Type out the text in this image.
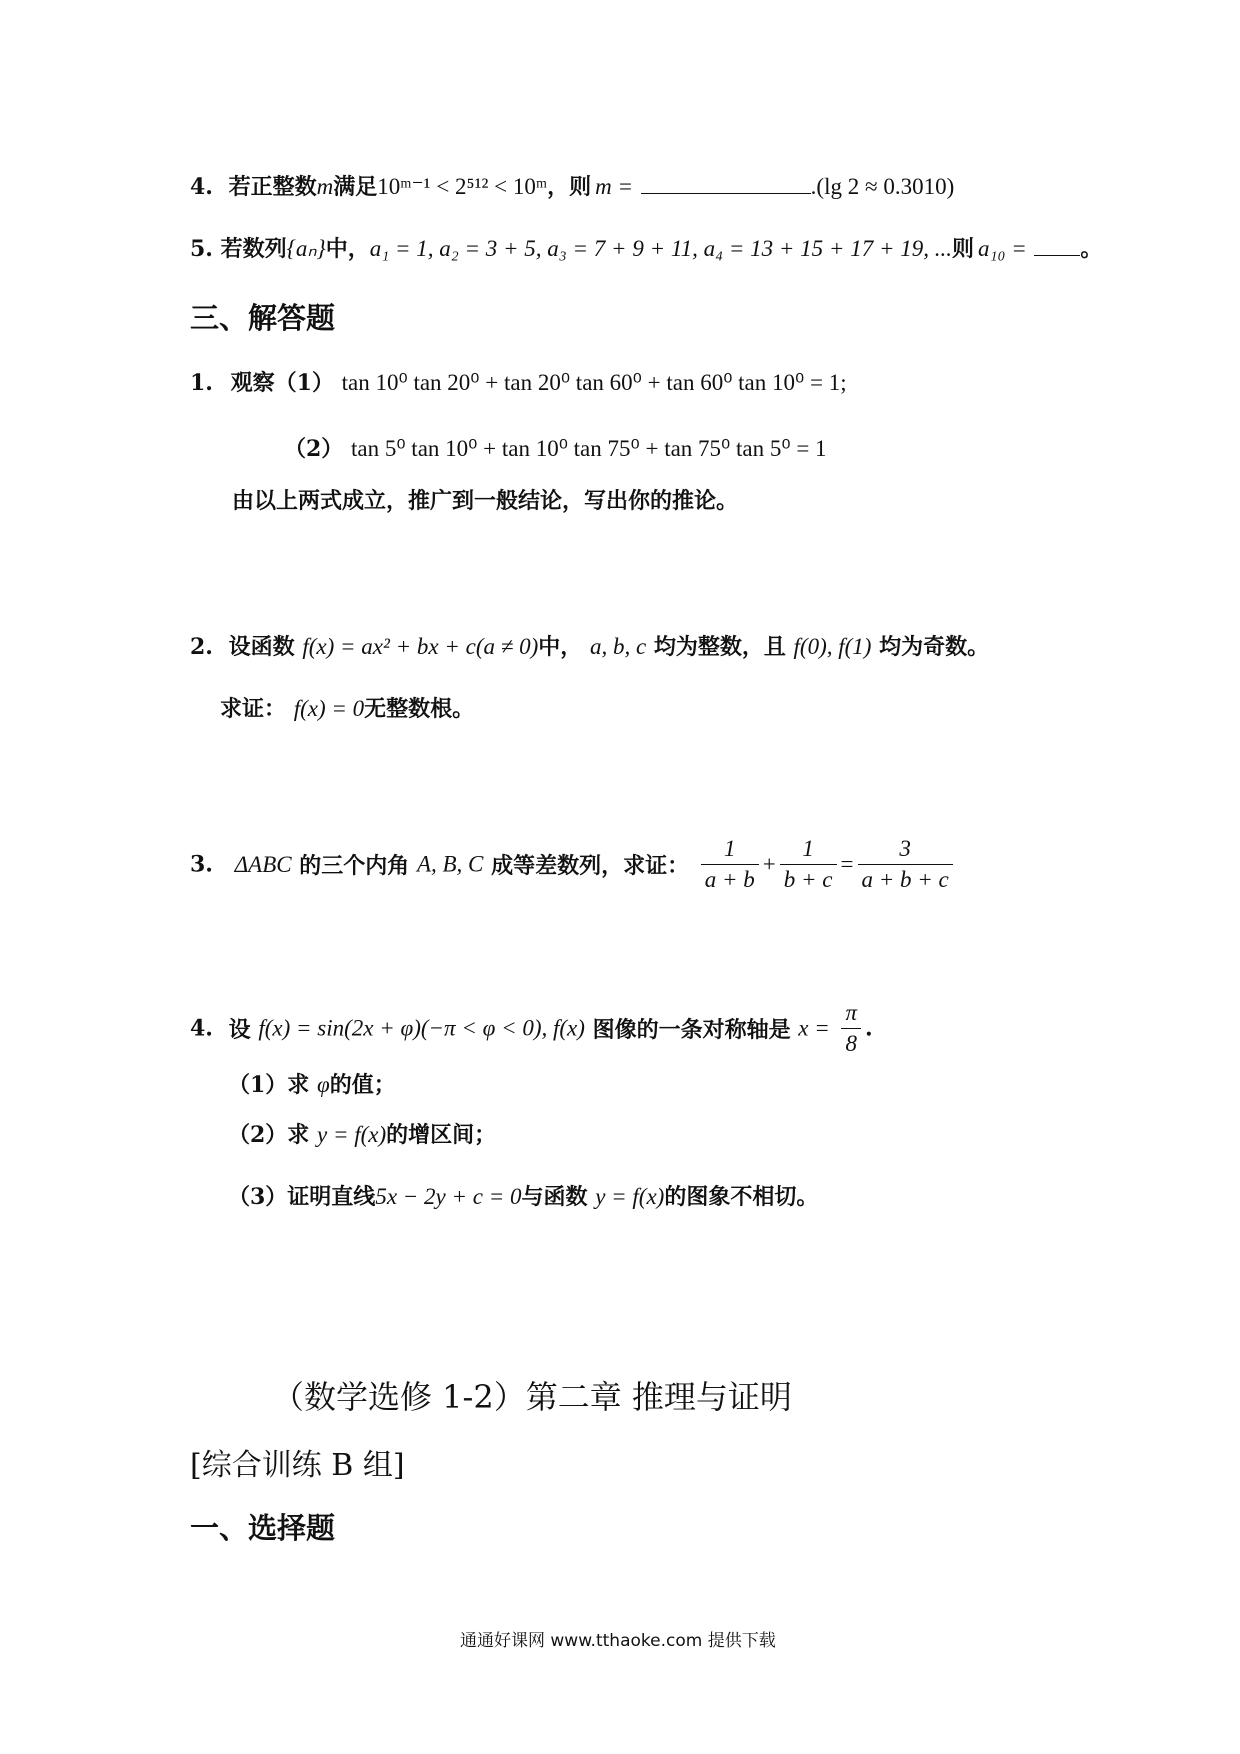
4. 若正整数m满足10ᵐ⁻¹ < 2⁵¹² < 10ᵐ，则 m =	.(lg 2 ≈ 0.3010)
5. 若数列{aₙ}中，a₁ = 1, a₂ = 3 + 5, a₃ = 7 + 9 + 11, a₄ = 13 + 15 + 17 + 19, ...则 a₁₀ = 。
三、解答题
1. 观察（1） tan 10⁰ tan 20⁰ + tan 20⁰ tan 60⁰ + tan 60⁰ tan 10⁰ = 1;
（2） tan 5⁰ tan 10⁰ + tan 10⁰ tan 75⁰ + tan 75⁰ tan 5⁰ = 1
由以上两式成立，推广到一般结论，写出你的推论。
2. 设函数 f(x) = ax² + bx + c(a ≠ 0)中， a, b, c 均为整数，且 f(0), f(1) 均为奇数。
求证： f(x) = 0无整数根。
3. ΔABC 的三个内角 A, B, C 成等差数列，求证： $\frac{1}{a + b} + \frac{1}{b + c} = \frac{3}{a + b + c}$
4. 设 f(x) = sin(2x + φ)(−π < φ < 0), f(x) 图像的一条对称轴是 $x = \frac{\pi}{8}$ .
（1）求 φ的值；
（2）求 y = f(x)的增区间；
（3）证明直线5x − 2y + c = 0与函数 y = f(x)的图象不相切。
（数学选修 1-2）第二章 推理与证明
[综合训练 B 组]
一、选择题
通通好课网 www.tthaoke.com 提供下载
